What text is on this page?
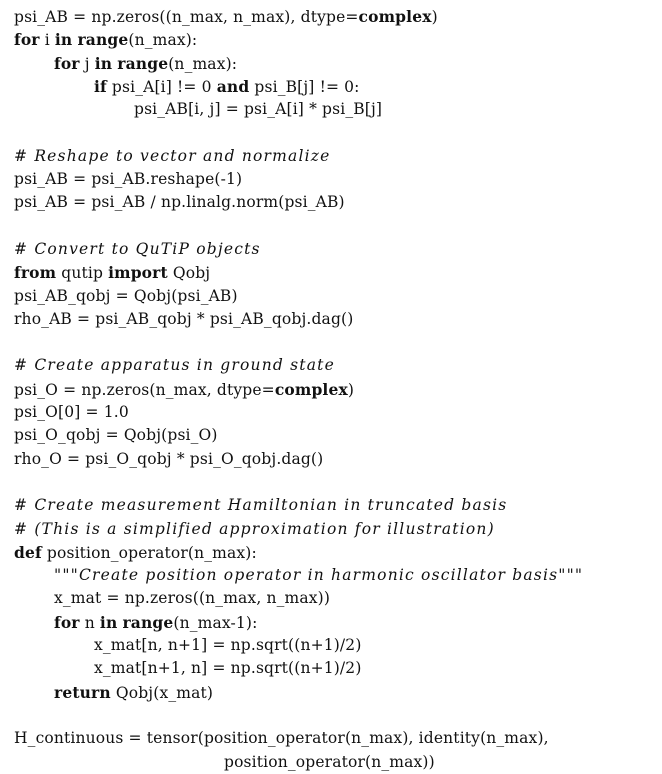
psi_AB = np.zeros((n_max, n_max), dtype=complex)
for i in range(n_max):
for j in range(n_max):
if psi_A[i] != 0 and psi_B[j] != 0:
psi_AB[i, j] = psi_A[i] * psi_B[j]
# Reshape to vector and normalize
psi_AB = psi_AB.reshape(-1)
psi_AB = psi_AB / np.linalg.norm(psi_AB)
# Convert to QuTiP objects
from qutip import Qobj
psi_AB_qobj = Qobj(psi_AB)
rho_AB = psi_AB_qobj * psi_AB_qobj.dag()
# Create apparatus in ground state
psi_O = np.zeros(n_max, dtype=complex)
psi_O[0] = 1.0
psi_O_qobj = Qobj(psi_O)
rho_O = psi_O_qobj * psi_O_qobj.dag()
# Create measurement Hamiltonian in truncated basis
# (This is a simplified approximation for illustration)
def position_operator(n_max):
"""Create position operator in harmonic oscillator basis"""
x_mat = np.zeros((n_max, n_max))
for n in range(n_max-1):
x_mat[n, n+1] = np.sqrt((n+1)/2)
x_mat[n+1, n] = np.sqrt((n+1)/2)
return Qobj(x_mat)
H_continuous = tensor(position_operator(n_max), identity(n_max),
position_operator(n_max))
